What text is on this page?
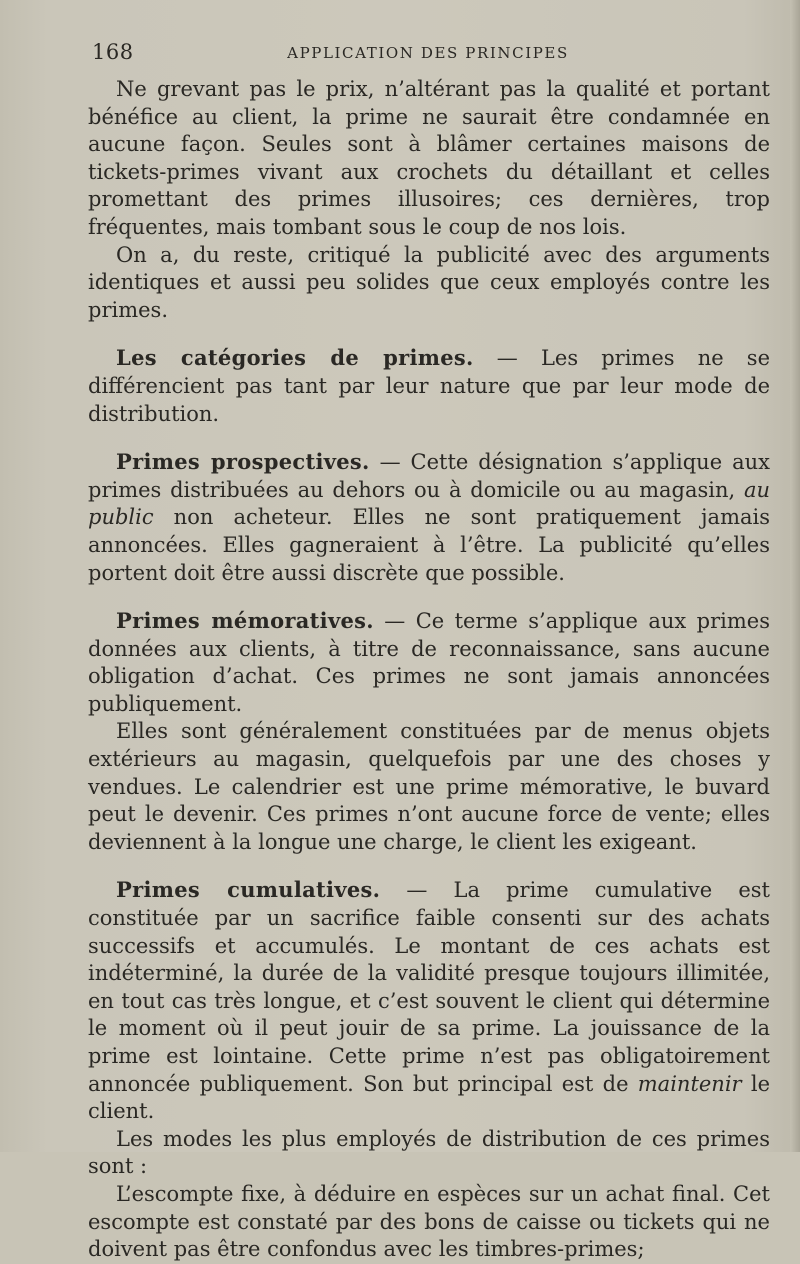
168	APPLICATION DES PRINCIPES

Ne grevant pas le prix, n’altérant pas la qualité et portant bénéfice au client, la prime ne saurait être condamnée en aucune façon. Seules sont à blâmer certaines maisons de tickets-primes vivant aux crochets du détaillant et celles promettant des primes illusoires; ces dernières, trop fréquentes, mais tombant sous le coup de nos lois.

On a, du reste, critiqué la publicité avec des arguments identiques et aussi peu solides que ceux employés contre les primes.

Les catégories de primes. — Les primes ne se différencient pas tant par leur nature que par leur mode de distribution.

Primes prospectives. — Cette désignation s’applique aux primes distribuées au dehors ou à domicile ou au magasin, au public non acheteur. Elles ne sont pratiquement jamais annoncées. Elles gagneraient à l’être. La publicité qu’elles portent doit être aussi discrète que possible.

Primes mémoratives. — Ce terme s’applique aux primes données aux clients, à titre de reconnaissance, sans aucune obligation d’achat. Ces primes ne sont jamais annoncées publiquement.

Elles sont généralement constituées par de menus objets extérieurs au magasin, quelquefois par une des choses y vendues. Le calendrier est une prime mémorative, le buvard peut le devenir. Ces primes n’ont aucune force de vente; elles deviennent à la longue une charge, le client les exigeant.

Primes cumulatives. — La prime cumulative est constituée par un sacrifice faible consenti sur des achats successifs et accumulés. Le montant de ces achats est indéterminé, la durée de la validité presque toujours illimitée, en tout cas très longue, et c’est souvent le client qui détermine le moment où il peut jouir de sa prime. La jouissance de la prime est lointaine. Cette prime n’est pas obligatoirement annoncée publiquement. Son but principal est de maintenir le client.

Les modes les plus employés de distribution de ces primes sont :

L’escompte fixe, à déduire en espèces sur un achat final. Cet escompte est constaté par des bons de caisse ou tickets qui ne doivent pas être confondus avec les timbres-primes;
